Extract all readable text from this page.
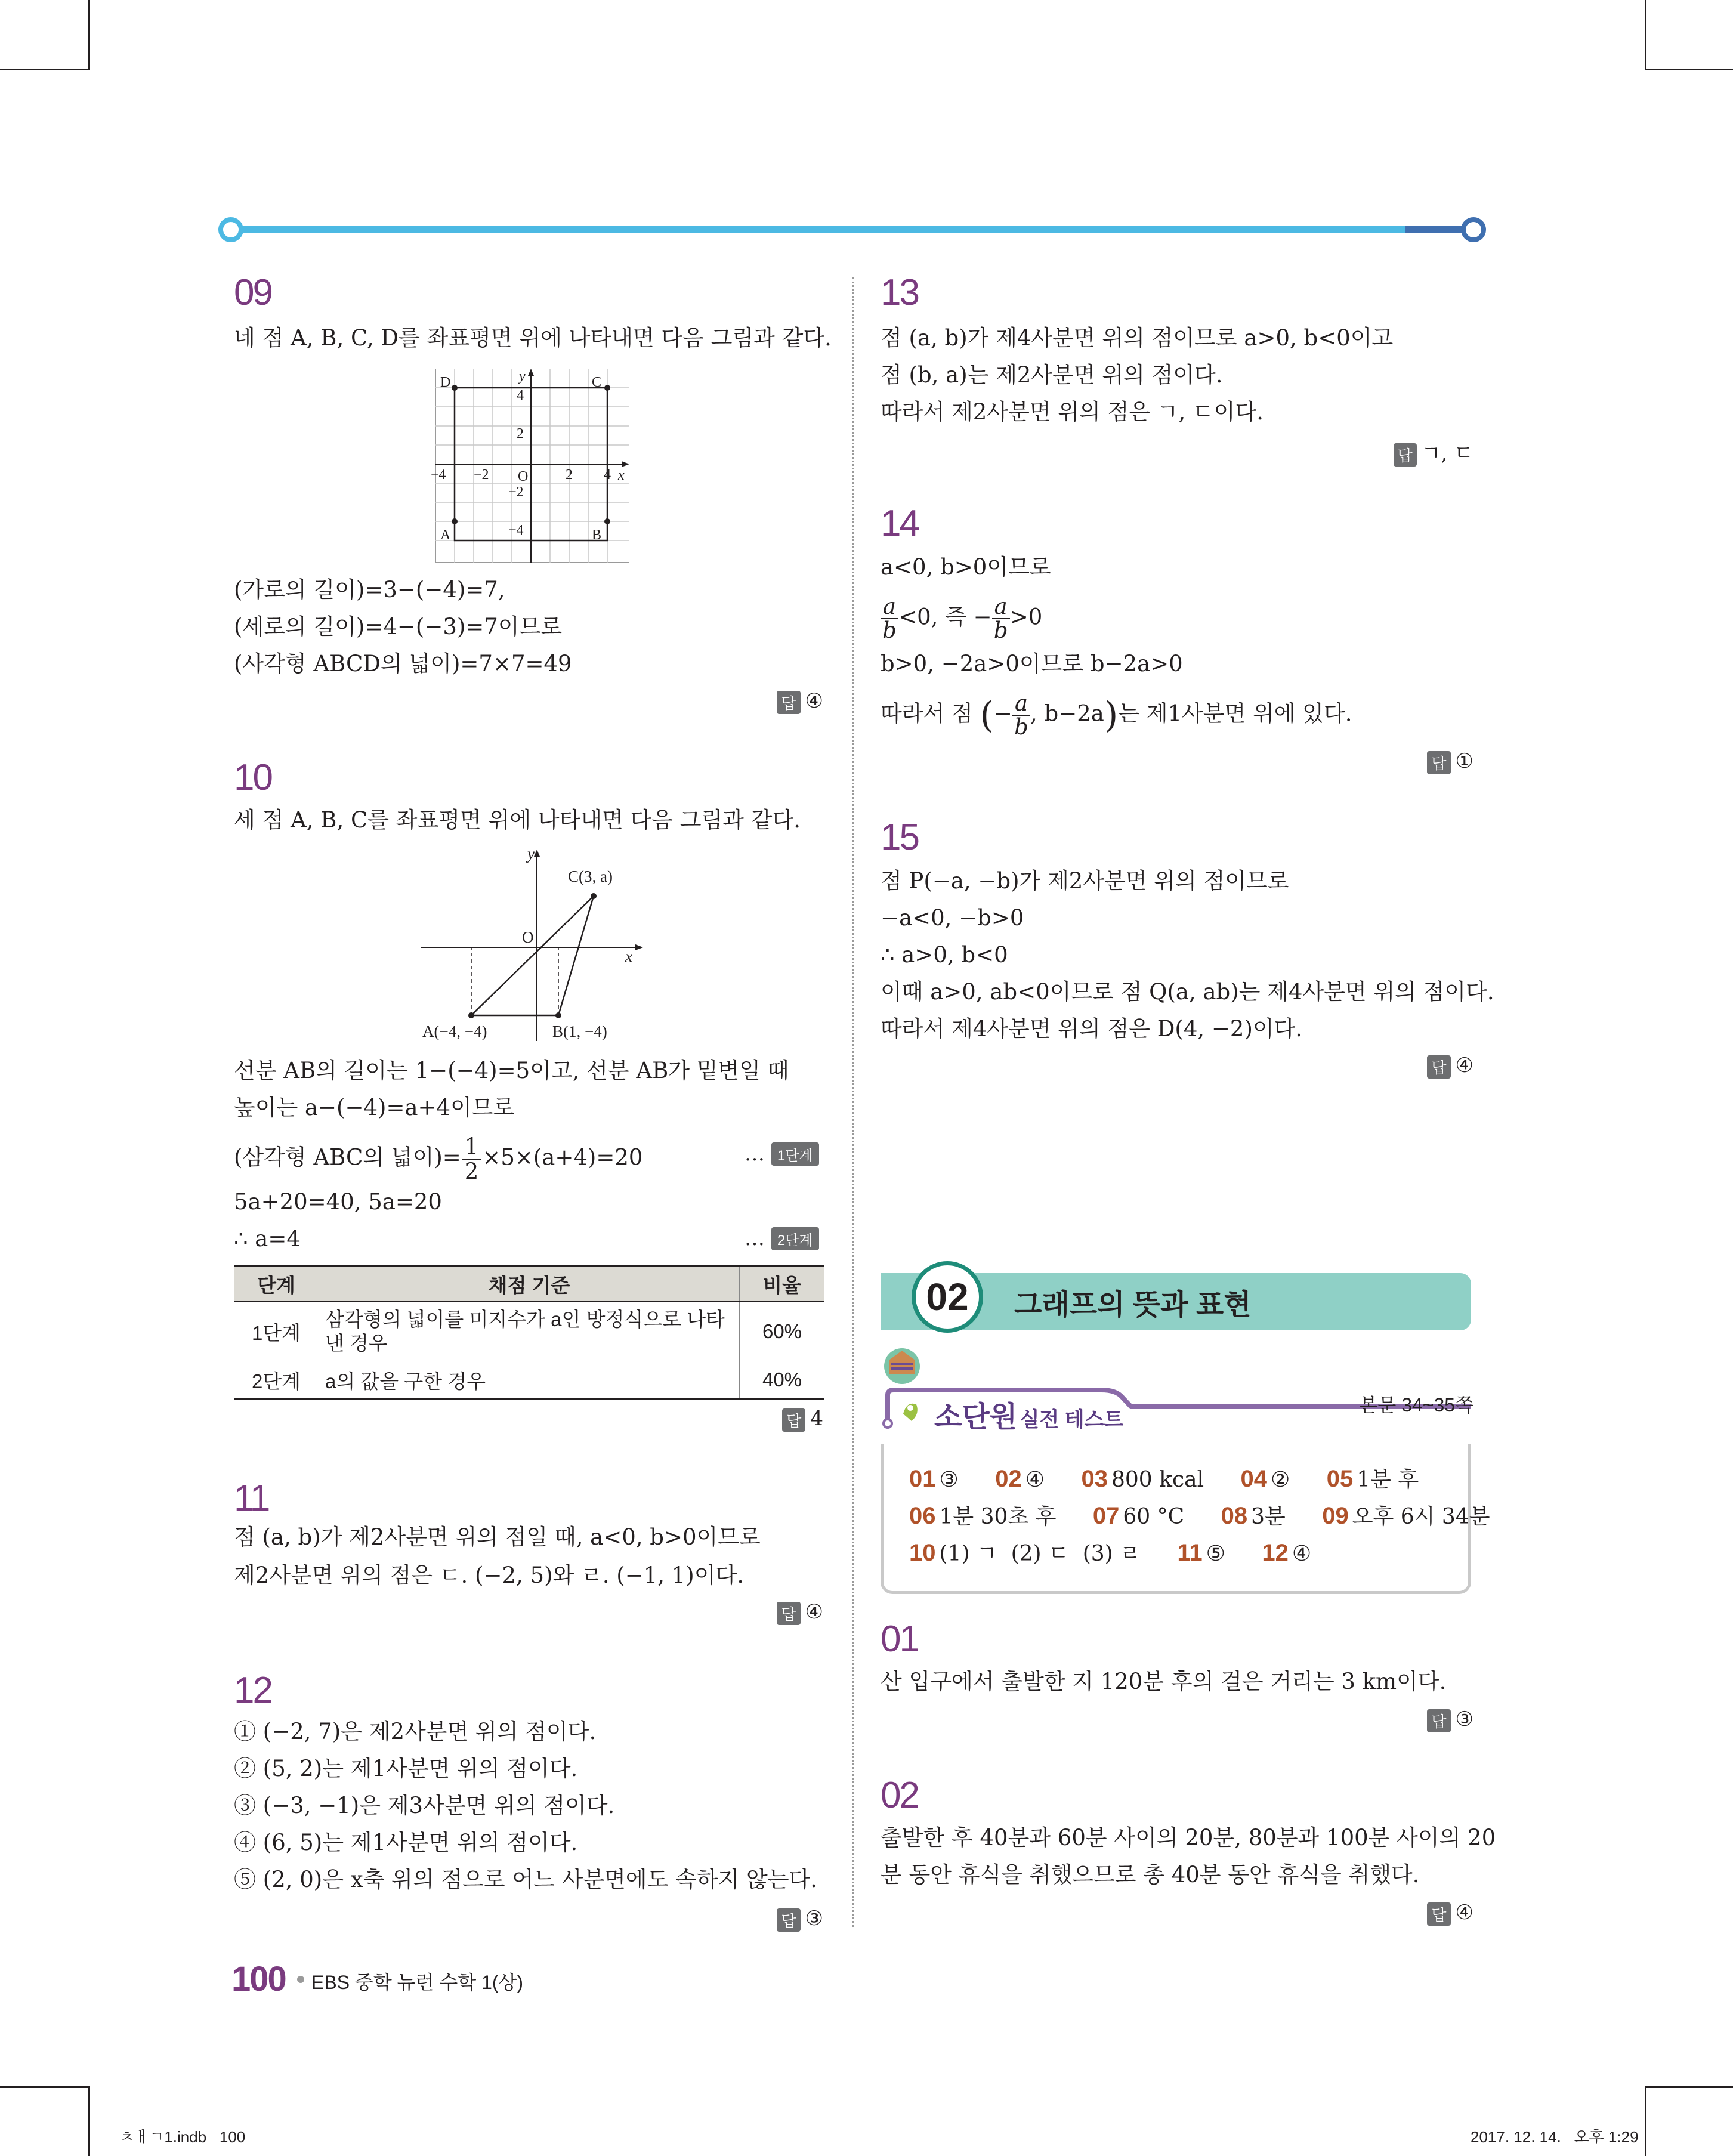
09
네 점 A, B, C, D를 좌표평면 위에 나타내면 다음 그림과 같다.
D	C
A	B
O	x
y
4
2
−2
−4
−4 −2	2 4
(가로의 길이)=3−(−4)=7,
(세로의 길이)=4−(−3)=7이므로
(사각형 ABCD의 넓이)=7×7=49
답 ④
10
세 점 A, B, C를 좌표평면 위에 나타내면 다음 그림과 같다.
C(3, a)
O
x
y
A(−4, −4)	B(1, −4)
선분 AB의 길이는 1−(−4)=5이고, 선분 AB가 밑변일 때
높이는 a−(−4)=a+4이므로
(삼각형 ABC의 넓이)= $\frac{1}{2} \times 5\times(a+4)=20$	… 1단계
5a+20=40, 5a=20
∴ a=4	… 2단계
단계	채점 기준	비율
1단계	삼각형의 넓이를 미지수가 a인 방정식으로 나타낸 경우	60%
2단계	a의 값을 구한 경우	40%
답 4
11
점 (a, b)가 제2사분면 위의 점일 때, a<0, b>0이므로
제2사분면 위의 점은 ㄷ. (−2, 5)와 ㄹ. (−1, 1)이다.
답 ④
12
① (−2, 7)은 제2사분면 위의 점이다.
② (5, 2)는 제1사분면 위의 점이다.
③ (−3, −1)은 제3사분면 위의 점이다.
④ (6, 5)는 제1사분면 위의 점이다.
⑤ (2, 0)은 x축 위의 점으로 어느 사분면에도 속하지 않는다.
답 ③
13
점 (a, b)가 제4사분면 위의 점이므로 a>0, b<0이고
점 (b, a)는 제2사분면 위의 점이다.
따라서 제2사분면 위의 점은 ㄱ, ㄷ이다.
답 ㄱ, ㄷ
14
a<0, b>0이므로
$\frac{a}{b} <0$, 즉 − $\frac{a}{b} >0$
b>0, −2a>0이므로 b−2a>0
따라서 점 (− $\frac{a}{b}$ , b−2a)는 제1사분면 위에 있다.
답 ①
15
점 P(−a, −b)가 제2사분면 위의 점이므로
−a<0, −b>0
∴ a>0, b<0
이때 a>0, ab<0이므로 점 Q(a, ab)는 제4사분면 위의 점이다.
따라서 제4사분면 위의 점은 D(4, −2)이다.
답 ④
02	그래프의 뜻과 표현
소단원 실전 테스트
본문 34~35쪽
01 ③ 02 ④ 03 800 kcal 04 ② 05 1분 후
06 1분 30초 후 07 60 °C 08 3분 09 오후 6시 34분
10 (1) ㄱ  (2) ㄷ  (3) ㄹ 11 ⑤ 12 ④
01
산 입구에서 출발한 지 120분 후의 걸은 거리는 3 km이다.
답 ③
02
출발한 후 40분과 60분 사이의 20분, 80분과 100분 사이의 20
분 동안 휴식을 취했으므로 총 40분 동안 휴식을 취했다.
답 ④
100 EBS 중학 뉴런 수학 1(상)
ㅊㅐㄱ1.indb   100	2017. 12. 14.   오후 1:29
